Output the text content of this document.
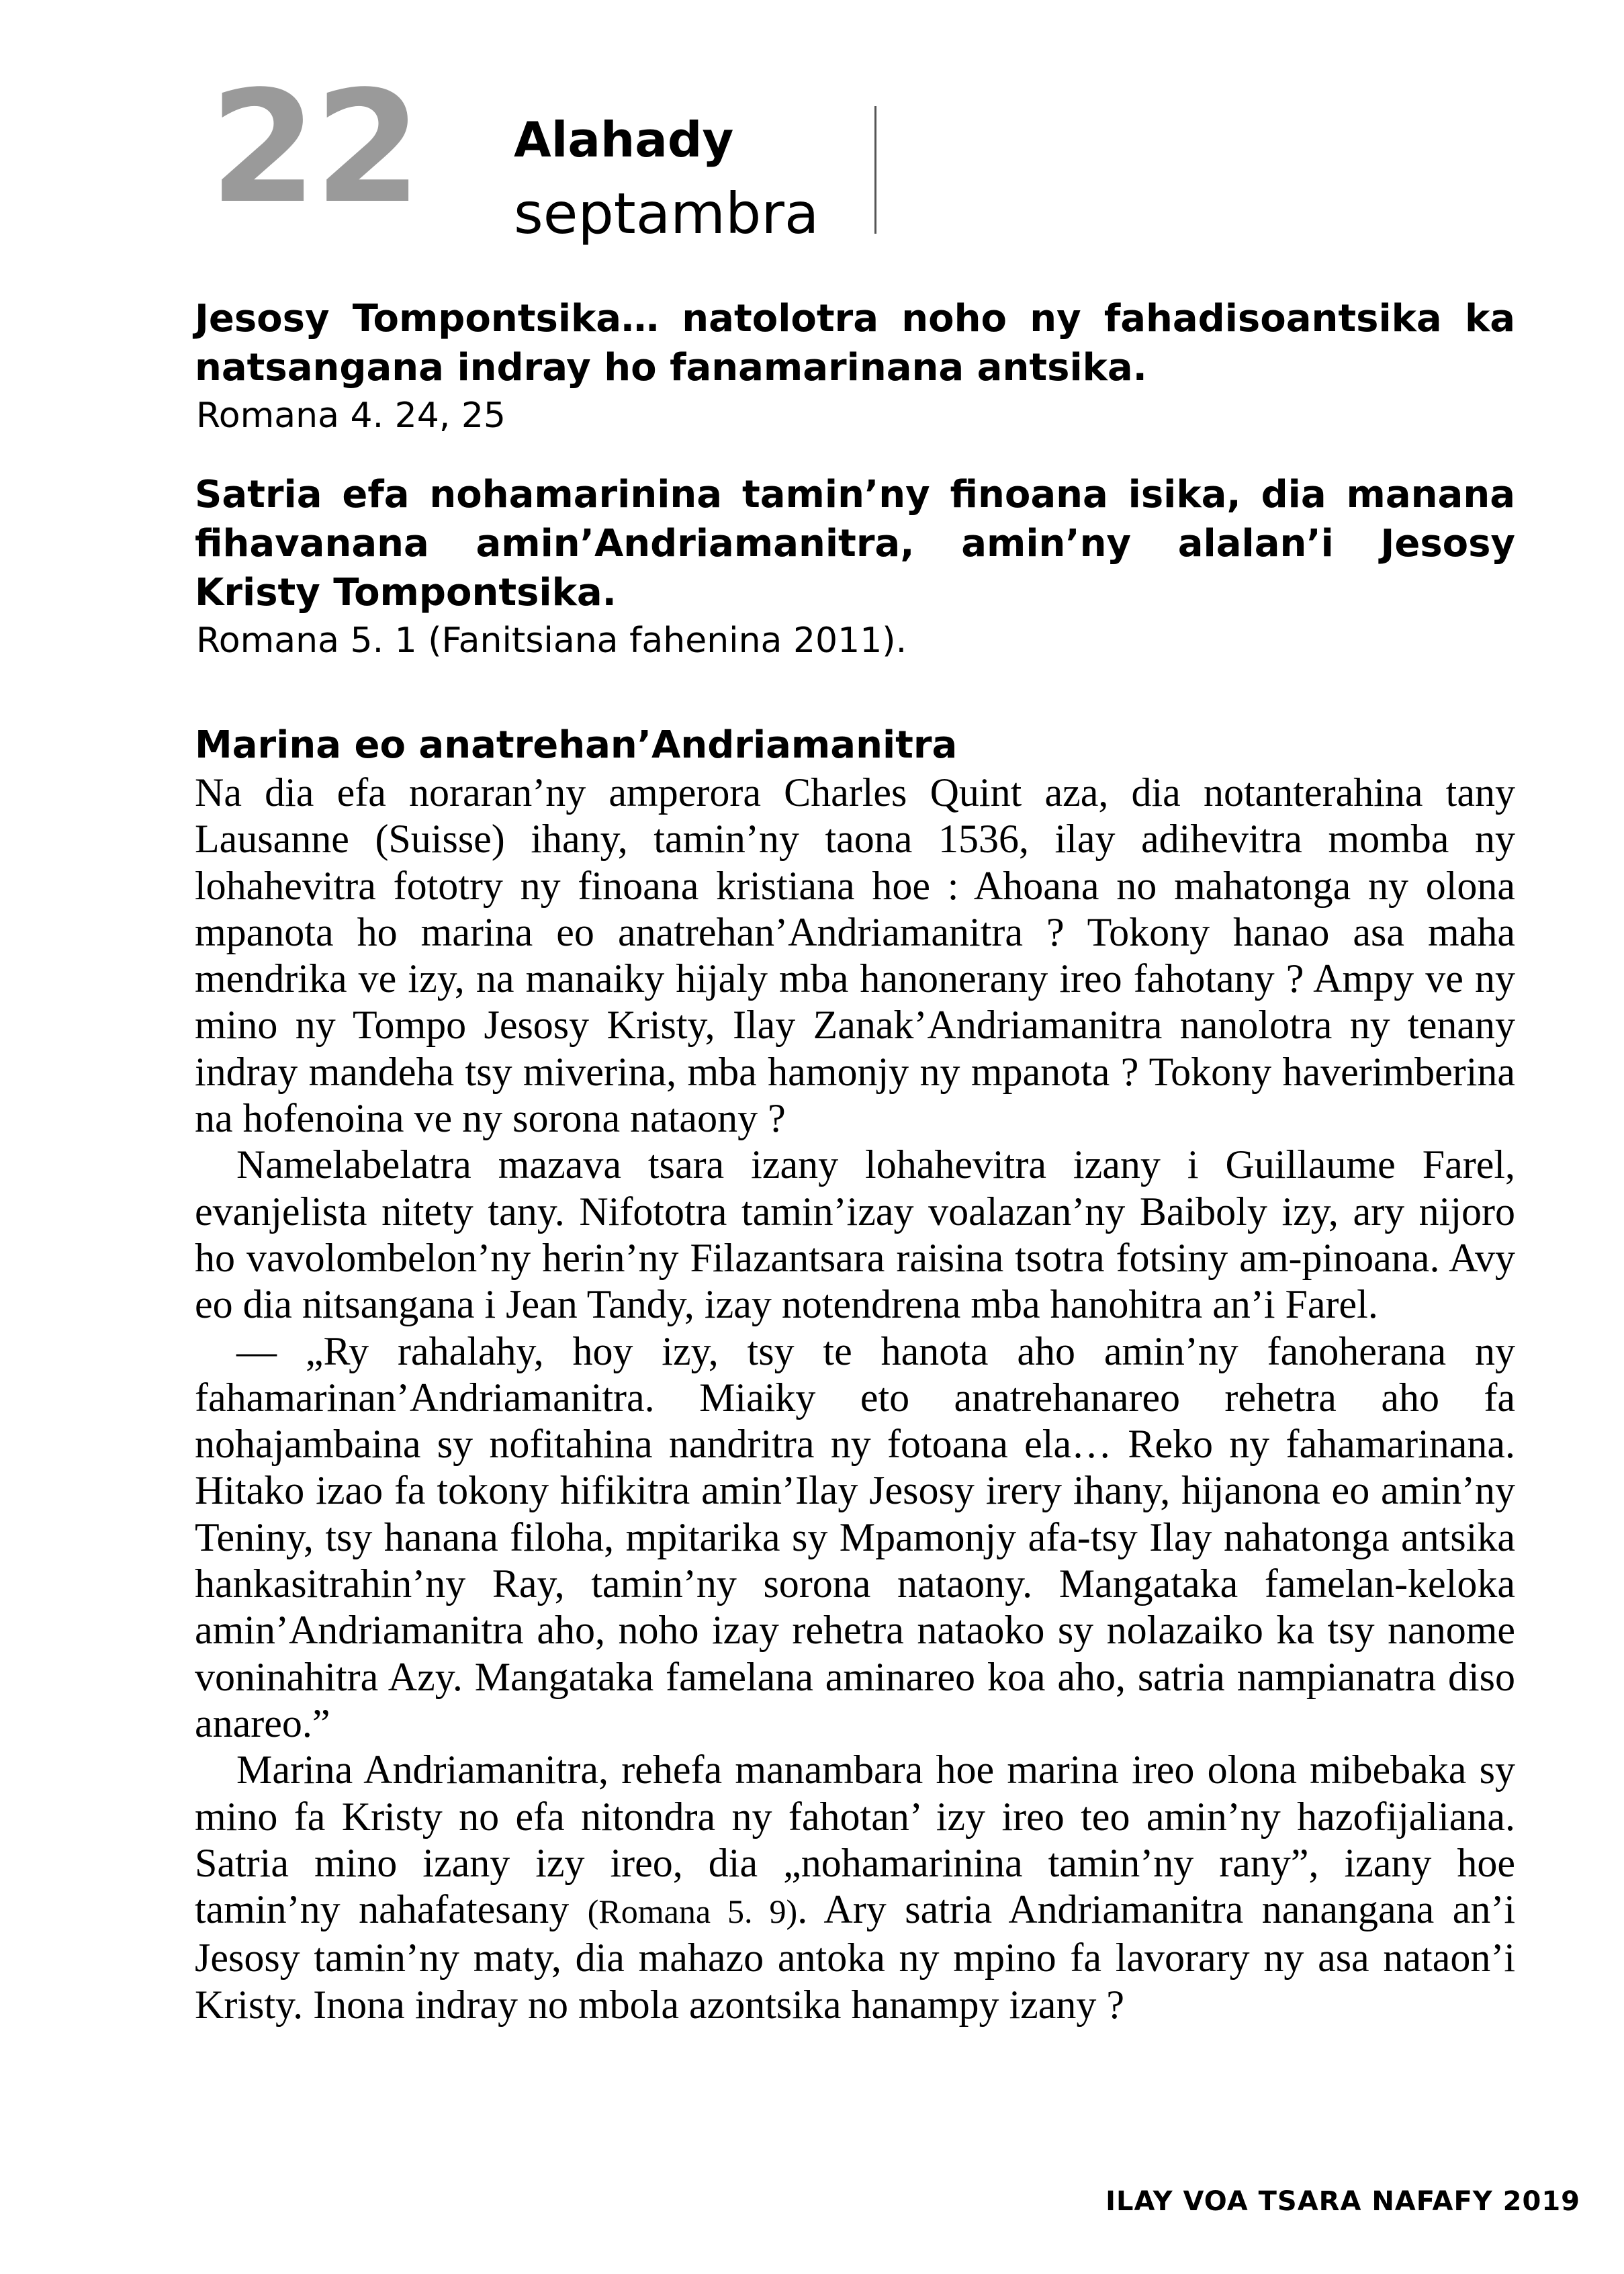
22 Alahady
septambra

Jesosy Tompontsika… natolotra noho ny fahadisoantsika ka natsangana indray ho fanamarinana antsika.

Romana 4. 24, 25

Satria efa nohamarinina tamin’ny finoana isika, dia manana fihavanana amin’Andriamanitra, amin’ny alalan’i Jesosy Kristy Tompontsika.

Romana 5. 1 (Fanitsiana fahenina 2011).
Marina eo anatrehan’Andriamanitra

Na dia efa noraran’ny amperora Charles Quint aza, dia notanterahina tany Lausanne (Suisse) ihany, tamin’ny taona 1536, ilay adihevitra momba ny lohahevitra fototry ny finoana kristiana hoe : Ahoana no mahatonga ny olona mpanota ho marina eo anatrehan’Andriamanitra ? Tokony hanao asa maha mendrika ve izy, na manaiky hijaly mba hanonerany ireo fahotany ? Ampy ve ny mino ny Tompo Jesosy Kristy, Ilay Zanak’Andriamanitra nanolotra ny tenany indray mandeha tsy miverina, mba hamonjy ny mpanota ? Tokony haverimberina na hofenoina ve ny sorona nataony ?

Namelabelatra mazava tsara izany lohahevitra izany i Guillaume Farel, evanjelista nitety tany. Nifototra tamin’izay voalazan’ny Baiboly izy, ary nijoro ho vavolombelon’ny herin’ny Filazantsara raisina tsotra fotsiny am-pinoana. Avy eo dia nitsangana i Jean Tandy, izay notendrena mba hanohitra an’i Farel.

— „Ry rahalahy, hoy izy, tsy te hanota aho amin’ny fanoherana ny fahamarinan’Andriamanitra. Miaiky eto anatrehanareo rehetra aho fa nohajambaina sy nofitahina nandritra ny fotoana ela… Reko ny fahamarinana. Hitako izao fa tokony hifikitra amin’Ilay Jesosy irery ihany, hijanona eo amin’ny Teniny, tsy hanana filoha, mpitarika sy Mpamonjy afa-tsy Ilay nahatonga antsika hankasitrahin’ny Ray, tamin’ny sorona nataony. Mangataka famelan-keloka amin’Andriamanitra aho, noho izay rehetra nataoko sy nolazaiko ka tsy nanome voninahitra Azy. Mangataka famelana aminareo koa aho, satria nampianatra diso anareo.”

Marina Andriamanitra, rehefa manambara hoe marina ireo olona mibebaka sy mino fa Kristy no efa nitondra ny fahotan’ izy ireo teo amin’ny hazofijaliana. Satria mino izany izy ireo, dia „nohamarinina tamin’ny rany”, izany hoe tamin’ny nahafatesany (Romana 5. 9). Ary satria Andriamanitra nanangana an’i Jesosy tamin’ny maty, dia mahazo antoka ny mpino fa lavorary ny asa nataon’i Kristy. Inona indray no mbola azontsika hanampy izany ?

ILAY VOA TSARA NAFAFY 2019
